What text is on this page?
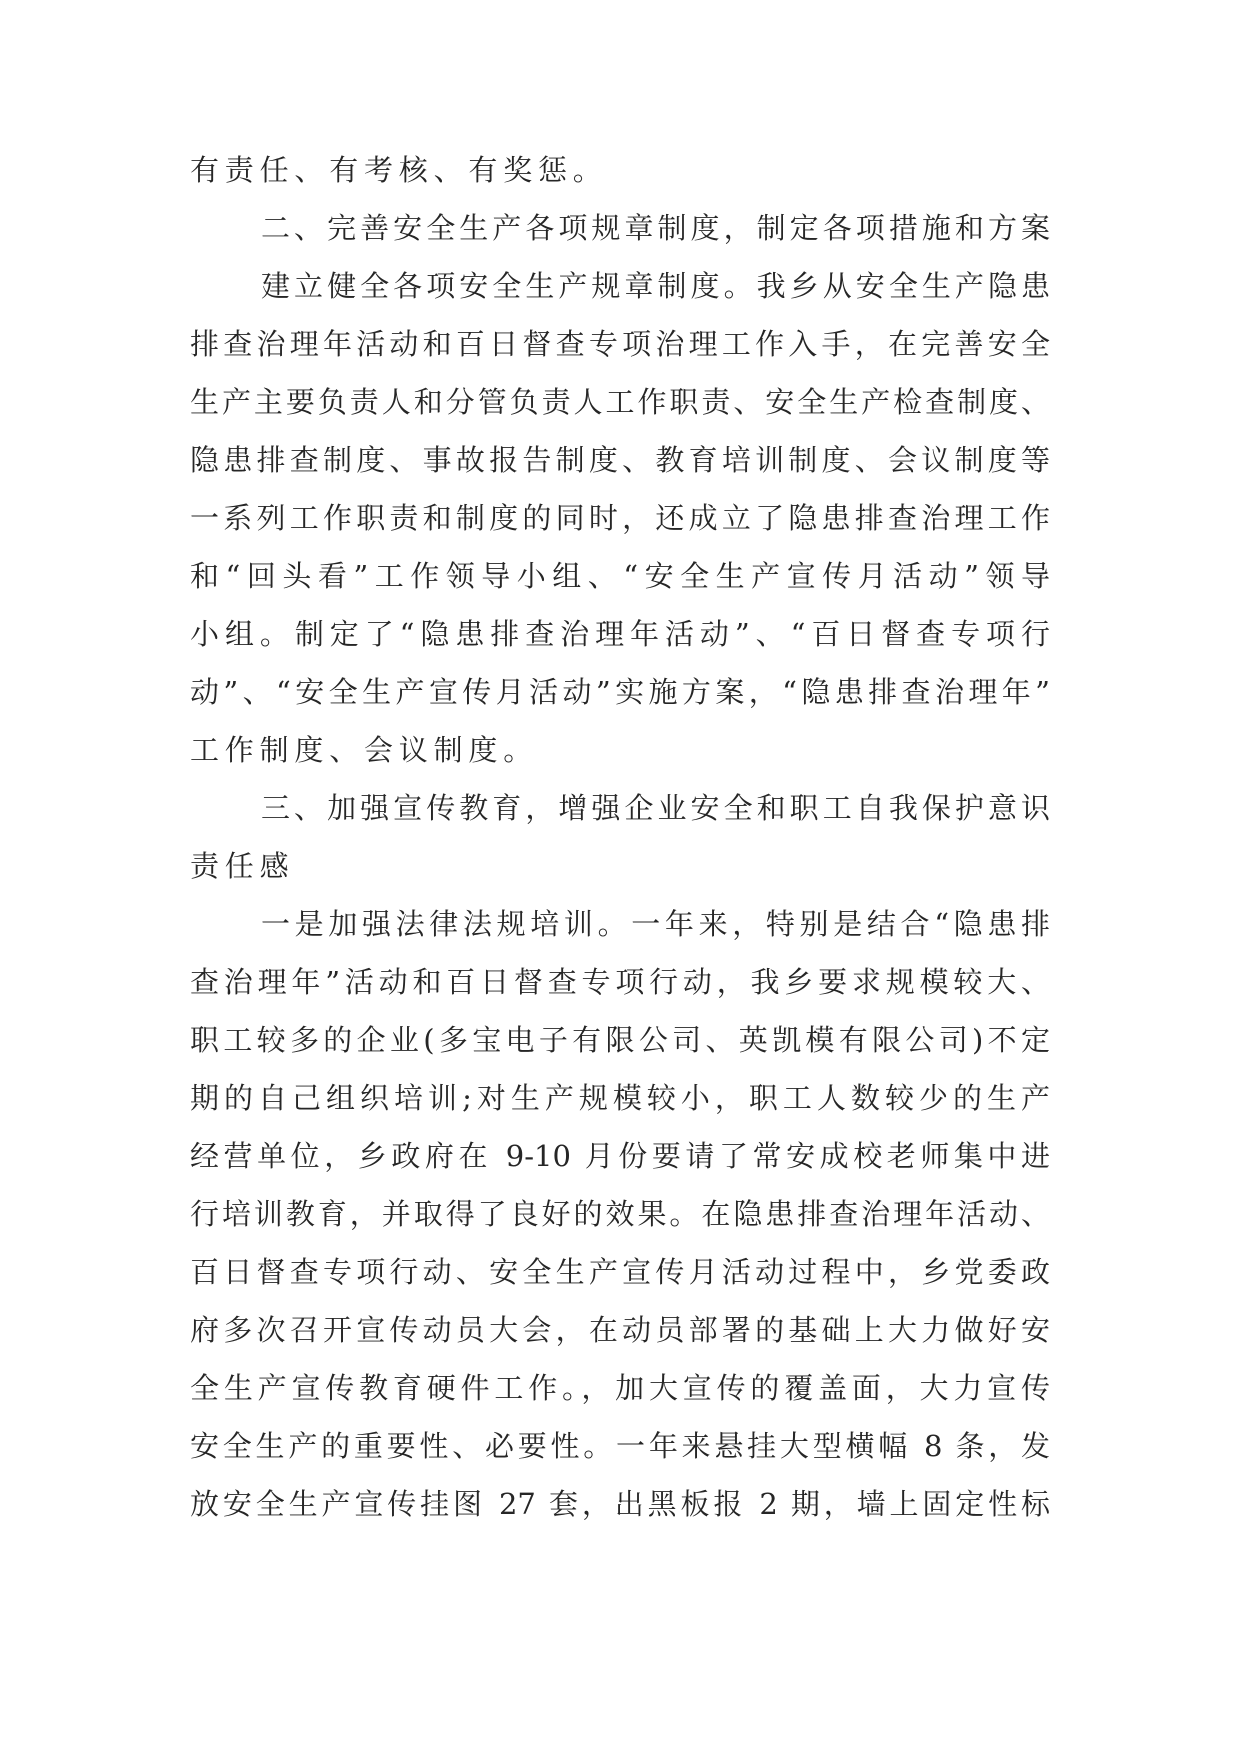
有责任、有考核、有奖惩。
二、完善安全生产各项规章制度，制定各项措施和方案
建立健全各项安全生产规章制度。我乡从安全生产隐患
排查治理年活动和百日督查专项治理工作入手，在完善安全
生产主要负责人和分管负责人工作职责、安全生产检查制度、
隐患排查制度、事故报告制度、教育培训制度、会议制度等
一系列工作职责和制度的同时，还成立了隐患排查治理工作
和“回头看”工作领导小组、“安全生产宣传月活动”领导
小组。制定了“隐患排查治理年活动”、“百日督查专项行
动”、“安全生产宣传月活动”实施方案，“隐患排查治理年”
工作制度、会议制度。
三、加强宣传教育，增强企业安全和职工自我保护意识
责任感
一是加强法律法规培训。一年来，特别是结合“隐患排
查治理年”活动和百日督查专项行动，我乡要求规模较大、
职工较多的企业(多宝电子有限公司、英凯模有限公司)不定
期的自己组织培训;对生产规模较小，职工人数较少的生产
经营单位，乡政府在 9-10 月份要请了常安成校老师集中进
行培训教育，并取得了良好的效果。在隐患排查治理年活动、
百日督查专项行动、安全生产宣传月活动过程中，乡党委政
府多次召开宣传动员大会，在动员部署的基础上大力做好安
全生产宣传教育硬件工作。，加大宣传的覆盖面，大力宣传
安全生产的重要性、必要性。一年来悬挂大型横幅 8 条，发
放安全生产宣传挂图 27 套，出黑板报 2 期，墙上固定性标
